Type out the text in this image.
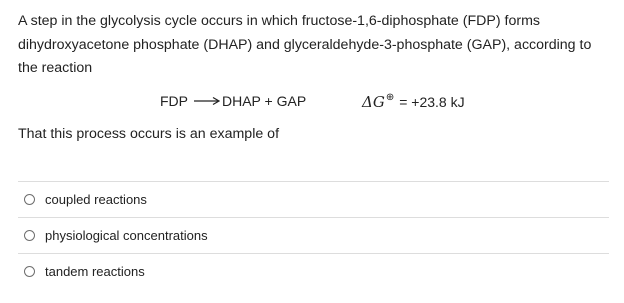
A step in the glycolysis cycle occurs in which fructose-1,6-diphosphate (FDP) forms
dihydroxyacetone phosphate (DHAP) and glyceraldehyde-3-phosphate (GAP), according to
the reaction
FDP → DHAP + GAP	ΔG ⊕ = +23.8 kJ
That this process occurs is an example of
coupled reactions
physiological concentrations
tandem reactions
